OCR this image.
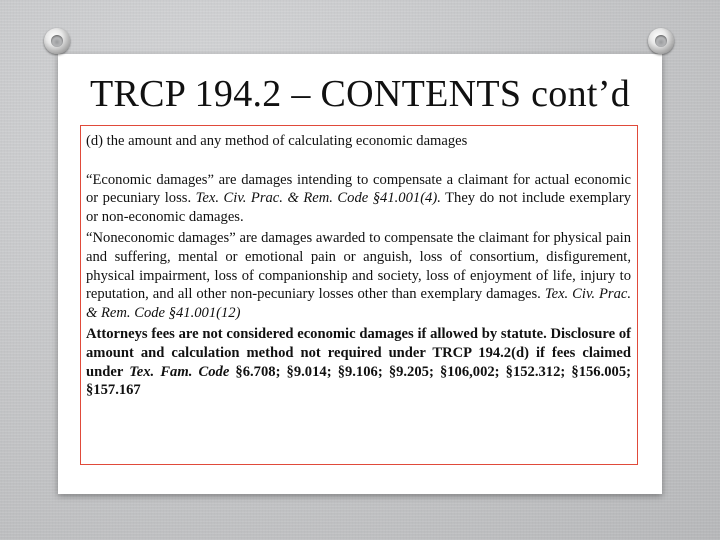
TRCP 194.2 – CONTENTS cont’d

(d) the amount and any method of calculating economic damages

“Economic damages” are damages intending to compensate a claimant for actual economic or pecuniary loss. Tex. Civ. Prac. & Rem. Code §41.001(4). They do not include exemplary or non-economic damages.

“Noneconomic damages” are damages awarded to compensate the claimant for physical pain and suffering, mental or emotional pain or anguish, loss of consortium, disfigurement, physical impairment, loss of companionship and society, loss of enjoyment of life, injury to reputation, and all other non-pecuniary losses other than exemplary damages. Tex. Civ. Prac. & Rem. Code §41.001(12)

Attorneys fees are not considered economic damages if allowed by statute. Disclosure of amount and calculation method not required under TRCP 194.2(d) if fees claimed under Tex. Fam. Code §6.708; §9.014; §9.106; §9.205; §106,002; §152.312; §156.005; §157.167
